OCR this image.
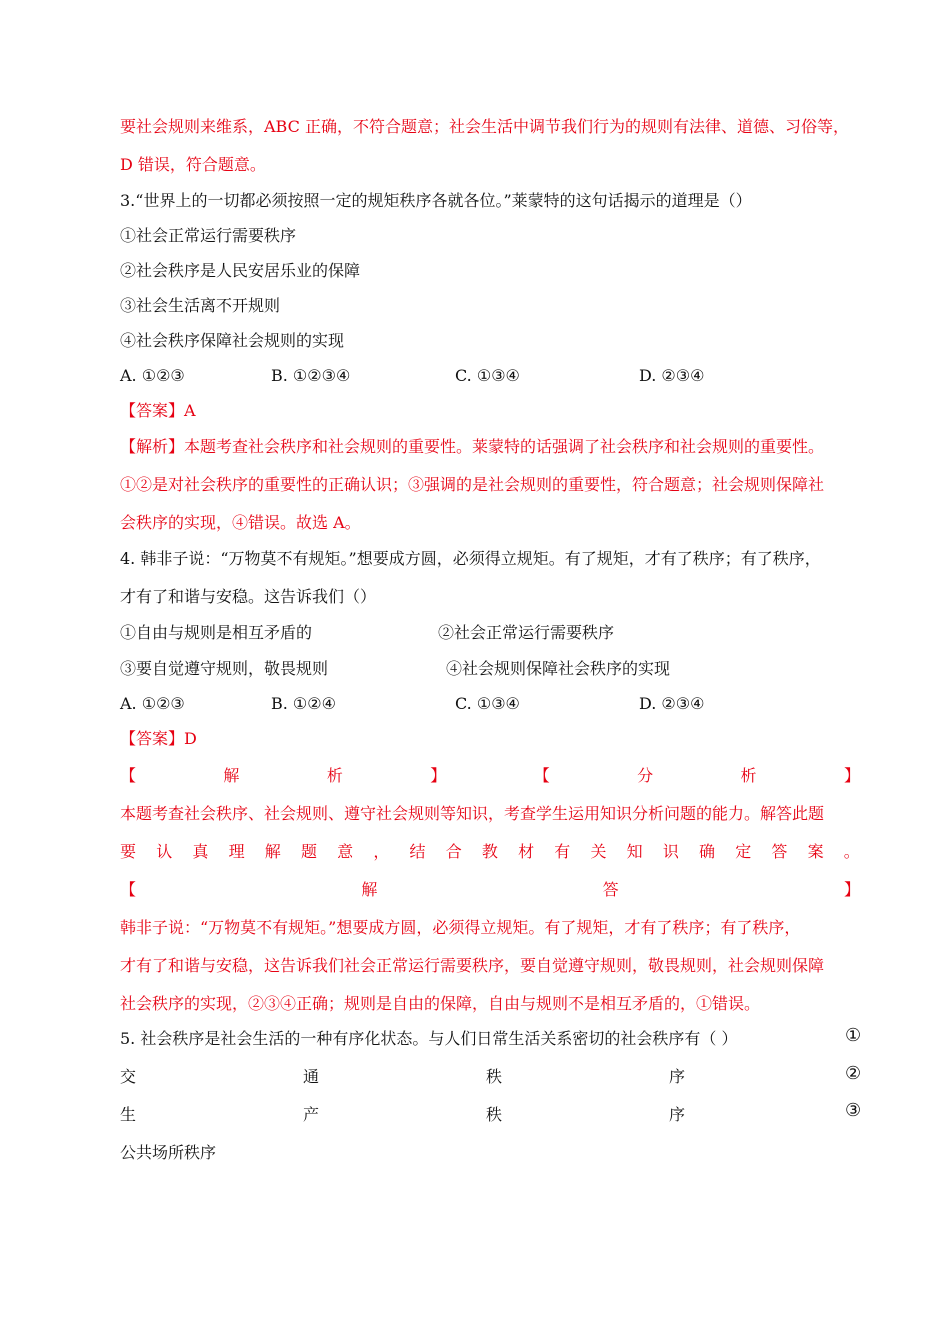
要社会规则来维系，ABC 正确，不符合题意；社会生活中调节我们行为的规则有法律、道德、习俗等，
D 错误，符合题意。
3.“世界上的一切都必须按照一定的规矩秩序各就各位。”莱蒙特的这句话揭示的道理是（）
①社会正常运行需要秩序
②社会秩序是人民安居乐业的保障
③社会生活离不开规则
④社会秩序保障社会规则的实现
A. ①②③	B. ①②③④	C. ①③④	D. ②③④
【答案】A
【解析】本题考查社会秩序和社会规则的重要性。莱蒙特的话强调了社会秩序和社会规则的重要性。
①②是对社会秩序的重要性的正确认识；③强调的是社会规则的重要性，符合题意；社会规则保障社
会秩序的实现，④错误。故选 A。
4. 韩非子说：“万物莫不有规矩。”想要成方圆，必须得立规矩。有了规矩，才有了秩序；有了秩序，
才有了和谐与安稳。这告诉我们（）
①自由与规则是相互矛盾的	②社会正常运行需要秩序
③要自觉遵守规则，敬畏规则	④社会规则保障社会秩序的实现
A. ①②③	B. ①②④	C. ①③④	D. ②③④
【答案】D
【	解	析	】	【	分	析	】
本题考查社会秩序、社会规则、遵守社会规则等知识，考查学生运用知识分析问题的能力。解答此题
要 认 真 理 解 题 意 ， 结 合 教 材 有 关 知 识 确 定 答 案 。
【	解	答	】
韩非子说：“万物莫不有规矩。”想要成方圆，必须得立规矩。有了规矩，才有了秩序；有了秩序，
才有了和谐与安稳，这告诉我们社会正常运行需要秩序，要自觉遵守规则，敬畏规则，社会规则保障
社会秩序的实现，②③④正确；规则是自由的保障，自由与规则不是相互矛盾的，①错误。
5. 社会秩序是社会生活的一种有序化状态。与人们日常生活关系密切的社会秩序有（ ）	①
交	通	秩	序	②
生	产	秩	序	③
公共场所秩序
